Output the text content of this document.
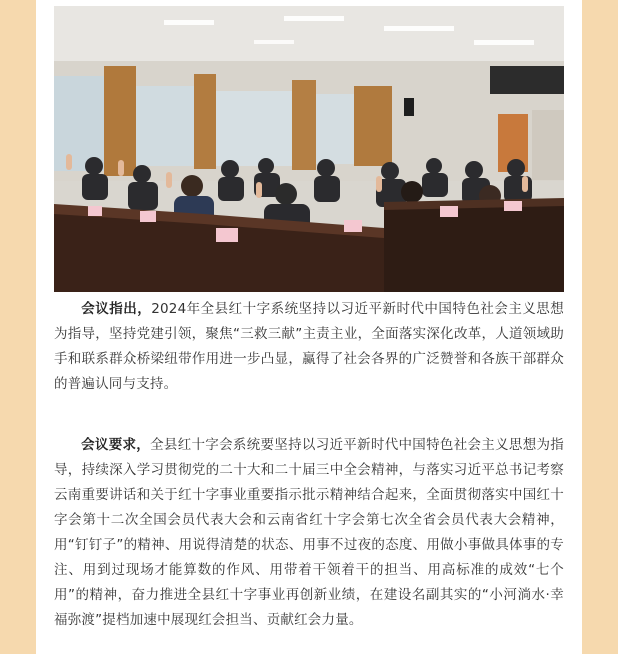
会议指出，2024年全县红十字系统坚持以习近平新时代中国特色社会主义思想为指导，坚持党建引领，聚焦“三救三献”主责主业，全面落实深化改革，人道领域助手和联系群众桥梁纽带作用进一步凸显，赢得了社会各界的广泛赞誉和各族干部群众的普遍认同与支持。

会议要求，全县红十字会系统要坚持以习近平新时代中国特色社会主义思想为指导，持续深入学习贯彻党的二十大和二十届三中全会精神，与落实习近平总书记考察云南重要讲话和关于红十字事业重要指示批示精神结合起来，全面贯彻落实中国红十字会第十二次全国会员代表大会和云南省红十字会第七次全省会员代表大会精神，用“钉钉子”的精神、用说得清楚的状态、用事不过夜的态度、用做小事做具体事的专注、用到过现场才能算数的作风、用带着干领着干的担当、用高标准的成效“七个用”的精神，奋力推进全县红十字事业再创新业绩，在建设名副其实的“小河淌水·幸福弥渡”提档加速中展现红会担当、贡献红会力量。
